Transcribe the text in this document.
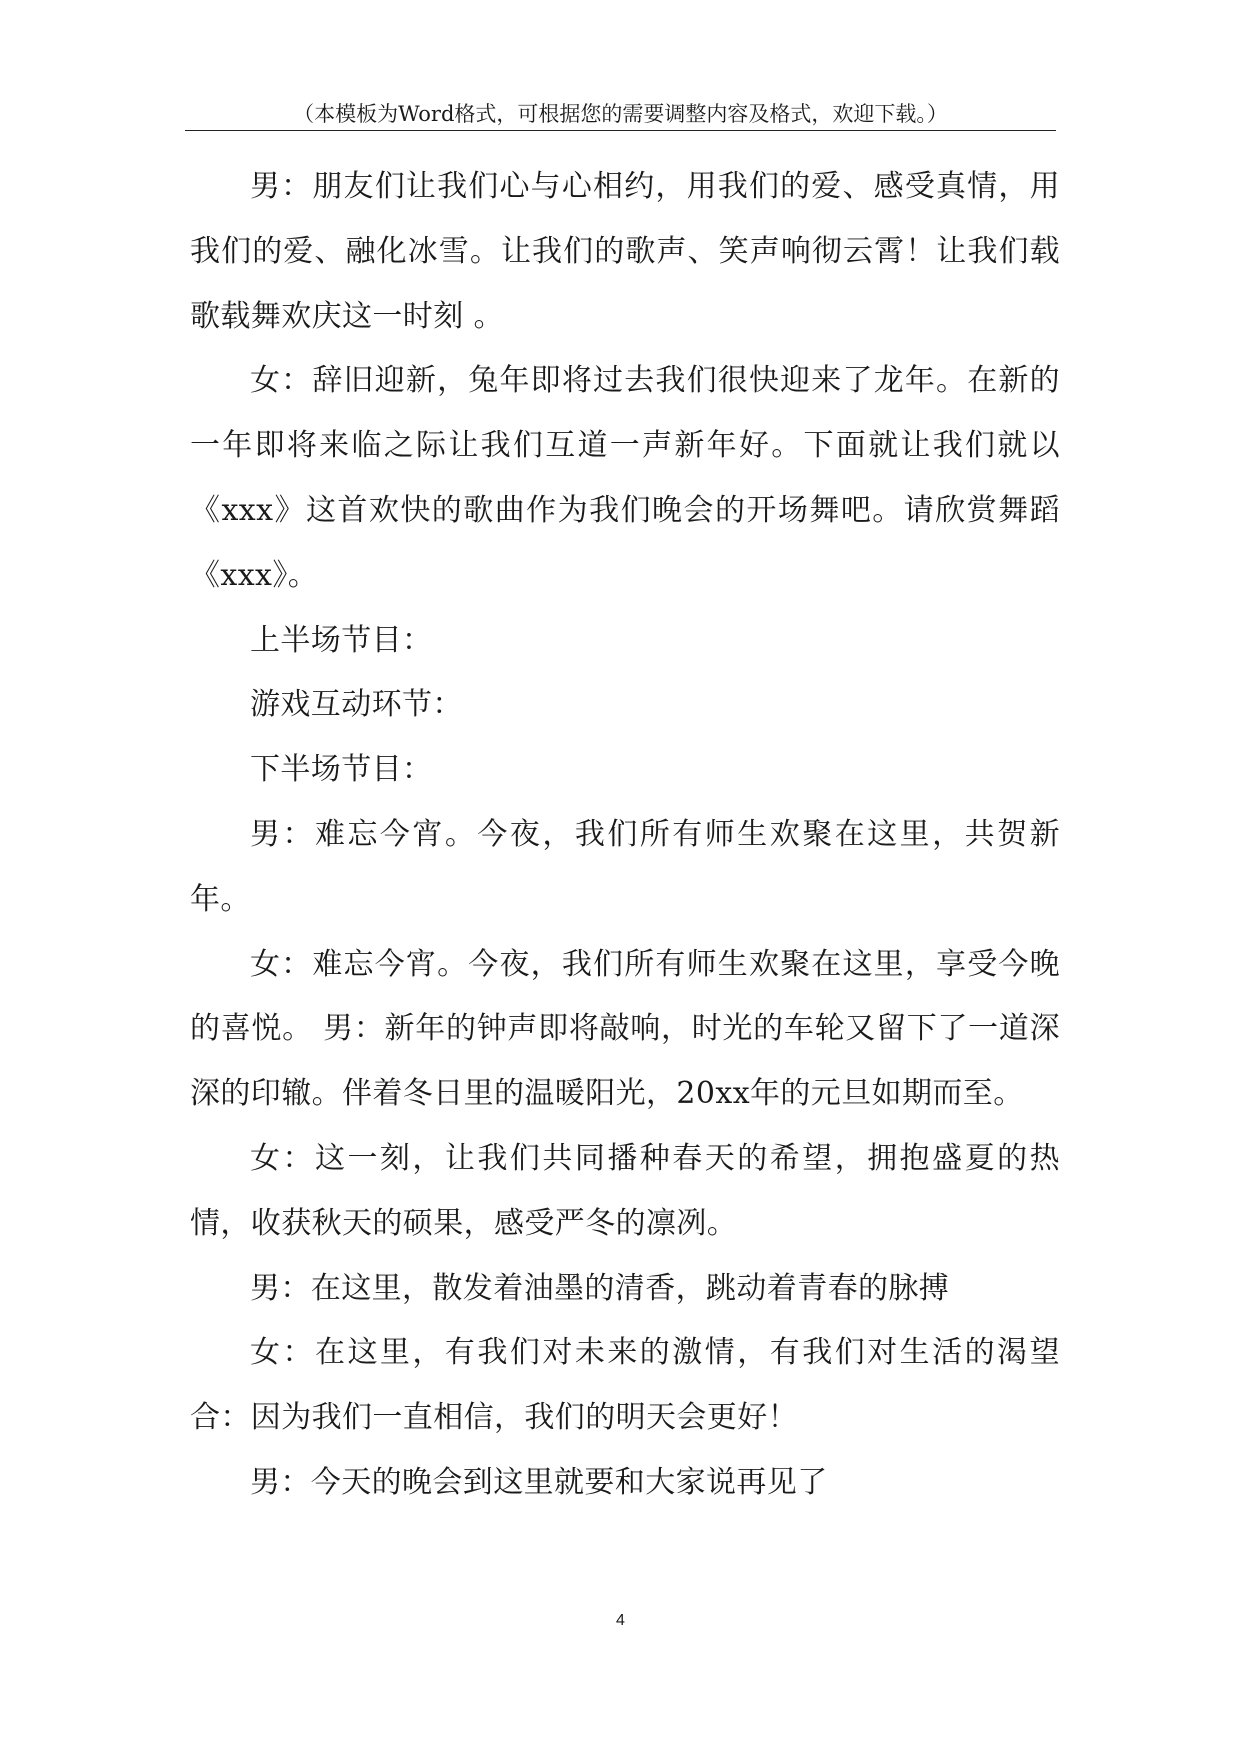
（本模板为Word格式，可根据您的需要调整内容及格式，欢迎下载。）

男：朋友们让我们心与心相约，用我们的爱、感受真情，用我们的爱、融化冰雪。让我们的歌声、笑声响彻云霄！让我们载歌载舞欢庆这一时刻 。

女：辞旧迎新，兔年即将过去我们很快迎来了龙年。在新的一年即将来临之际让我们互道一声新年好。下面就让我们就以《xxx》这首欢快的歌曲作为我们晚会的开场舞吧。请欣赏舞蹈《xxx》。

上半场节目：

游戏互动环节：

下半场节目：

男：难忘今宵。今夜，我们所有师生欢聚在这里，共贺新年。

女：难忘今宵。今夜，我们所有师生欢聚在这里，享受今晚的喜悦。 男：新年的钟声即将敲响，时光的车轮又留下了一道深深的印辙。伴着冬日里的温暖阳光，20xx年的元旦如期而至。

女：这一刻，让我们共同播种春天的希望，拥抱盛夏的热情，收获秋天的硕果，感受严冬的凛冽。

男：在这里，散发着油墨的清香，跳动着青春的脉搏

女：在这里，有我们对未来的激情，有我们对生活的渴望 合：因为我们一直相信，我们的明天会更好！

男：今天的晚会到这里就要和大家说再见了

4
